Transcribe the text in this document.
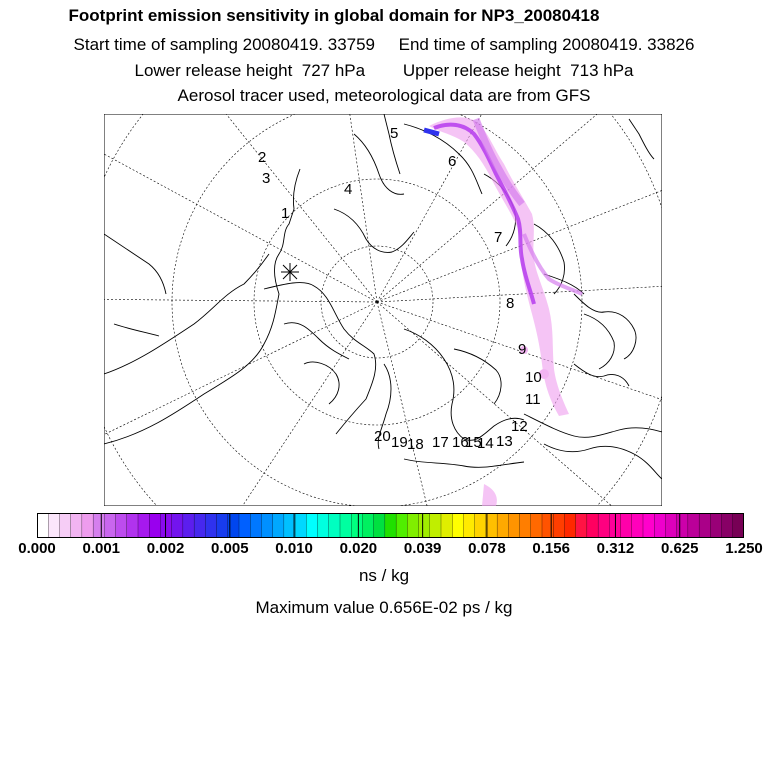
Footprint emission sensitivity in global domain for NP3_20080418
Start time of sampling 20080419. 33759     End time of sampling 20080419. 33826
Lower release height  727 hPa        Upper release height  713 hPa
Aerosol tracer used, meteorological data are from GFS
1
2
3
4
5
6
7
8
9
10
11
12
13
14
15
16
17
18
19
20
0.000 0.001 0.002 0.005 0.010 0.020 0.039 0.078 0.156 0.312 0.625 1.250
ns / kg
Maximum value 0.656E-02 ps / kg
